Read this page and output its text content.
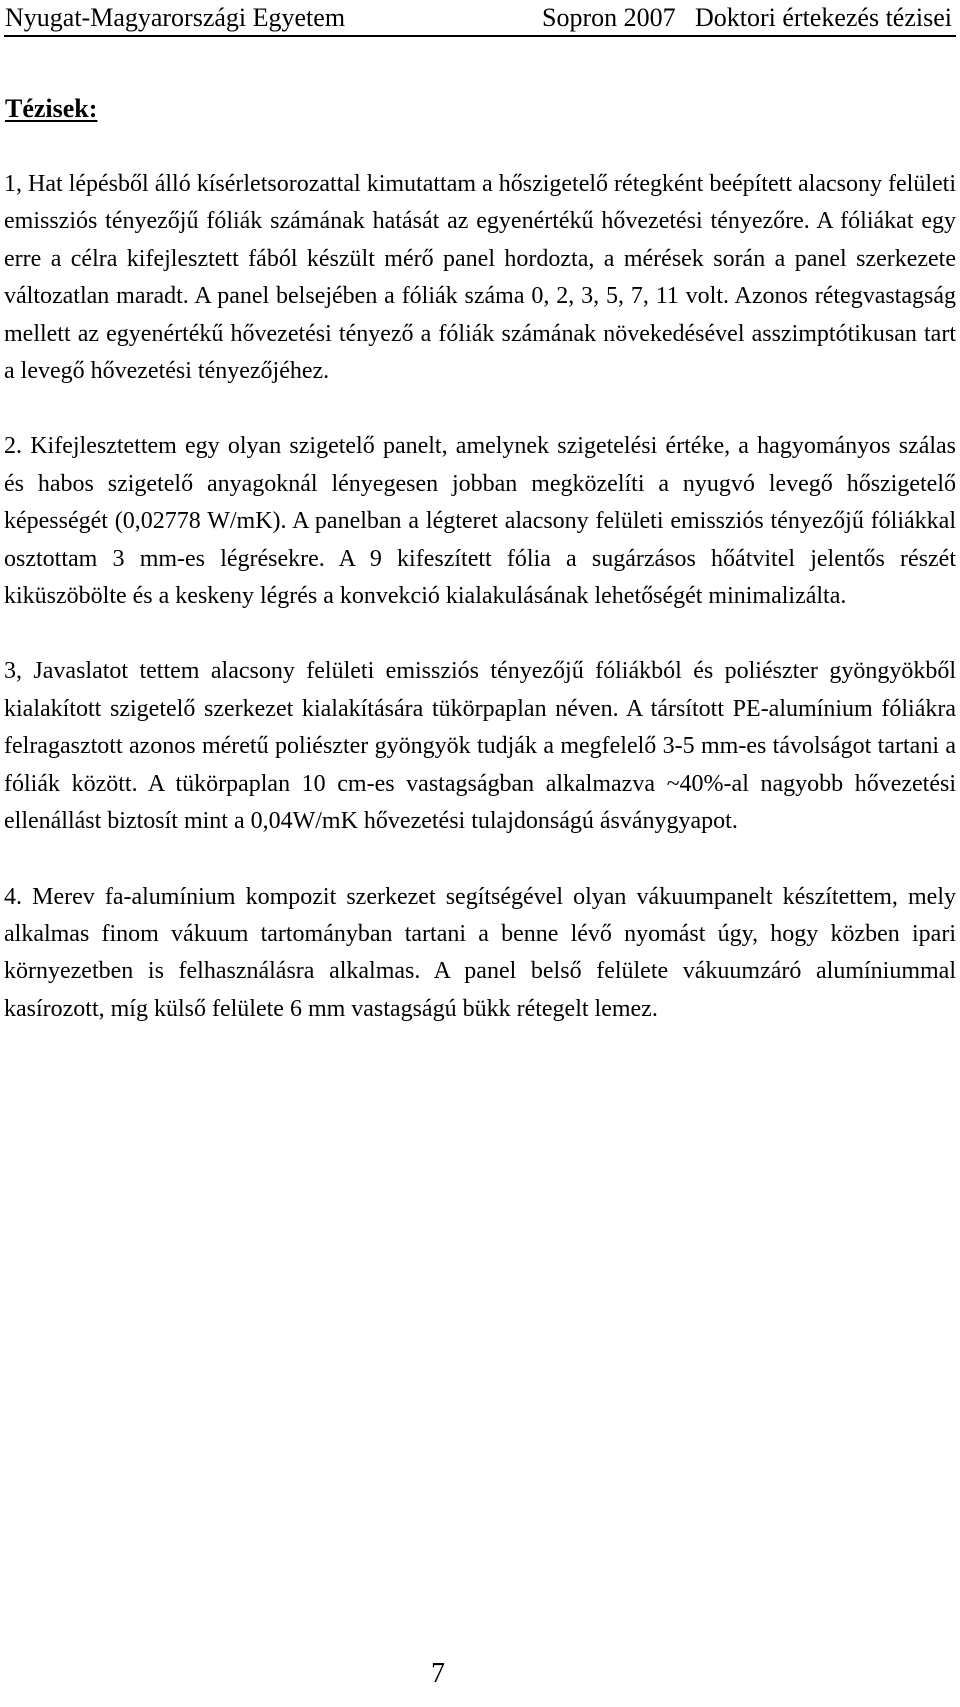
Nyugat-Magyarországi Egyetem	Sopron 2007 Doktori értekezés tézisei
Tézisek:

1, Hat lépésből álló kísérletsorozattal kimutattam a hőszigetelő rétegként beépített alacsony felületi emissziós tényezőjű fóliák számának hatását az egyenértékű hővezetési tényezőre. A fóliákat egy erre a célra kifejlesztett fából készült mérő panel hordozta, a mérések során a panel szerkezete változatlan maradt. A panel belsejében a fóliák száma 0, 2, 3, 5, 7, 11 volt. Azonos rétegvastagság mellett az egyenértékű hővezetési tényező a fóliák számának növekedésével asszimptótikusan tart a levegő hővezetési tényezőjéhez.

2. Kifejlesztettem egy olyan szigetelő panelt, amelynek szigetelési értéke, a hagyományos szálas és habos szigetelő anyagoknál lényegesen jobban megközelíti a nyugvó levegő hőszigetelő képességét (0,02778 W/mK). A panelban a légteret alacsony felületi emissziós tényezőjű fóliákkal osztottam 3 mm-es légrésekre. A 9 kifeszített fólia a sugárzásos hőátvitel jelentős részét kiküszöbölte és a keskeny légrés a konvekció kialakulásának lehetőségét minimalizálta.

3, Javaslatot tettem alacsony felületi emissziós tényezőjű fóliákból és poliészter gyöngyökből kialakított szigetelő szerkezet kialakítására tükörpaplan néven. A társított PE-alumínium fóliákra felragasztott azonos méretű poliészter gyöngyök tudják a megfelelő 3-5 mm-es távolságot tartani a fóliák között. A tükörpaplan 10 cm-es vastagságban alkalmazva ~40%-al nagyobb hővezetési ellenállást biztosít mint a 0,04W/mK hővezetési tulajdonságú ásványgyapot.

4. Merev fa-alumínium kompozit szerkezet segítségével olyan vákuumpanelt készítettem, mely alkalmas finom vákuum tartományban tartani a benne lévő nyomást úgy, hogy közben ipari környezetben is felhasználásra alkalmas. A panel belső felülete vákuumzáró alumíniummal kasírozott, míg külső felülete 6 mm vastagságú bükk rétegelt lemez.

7
